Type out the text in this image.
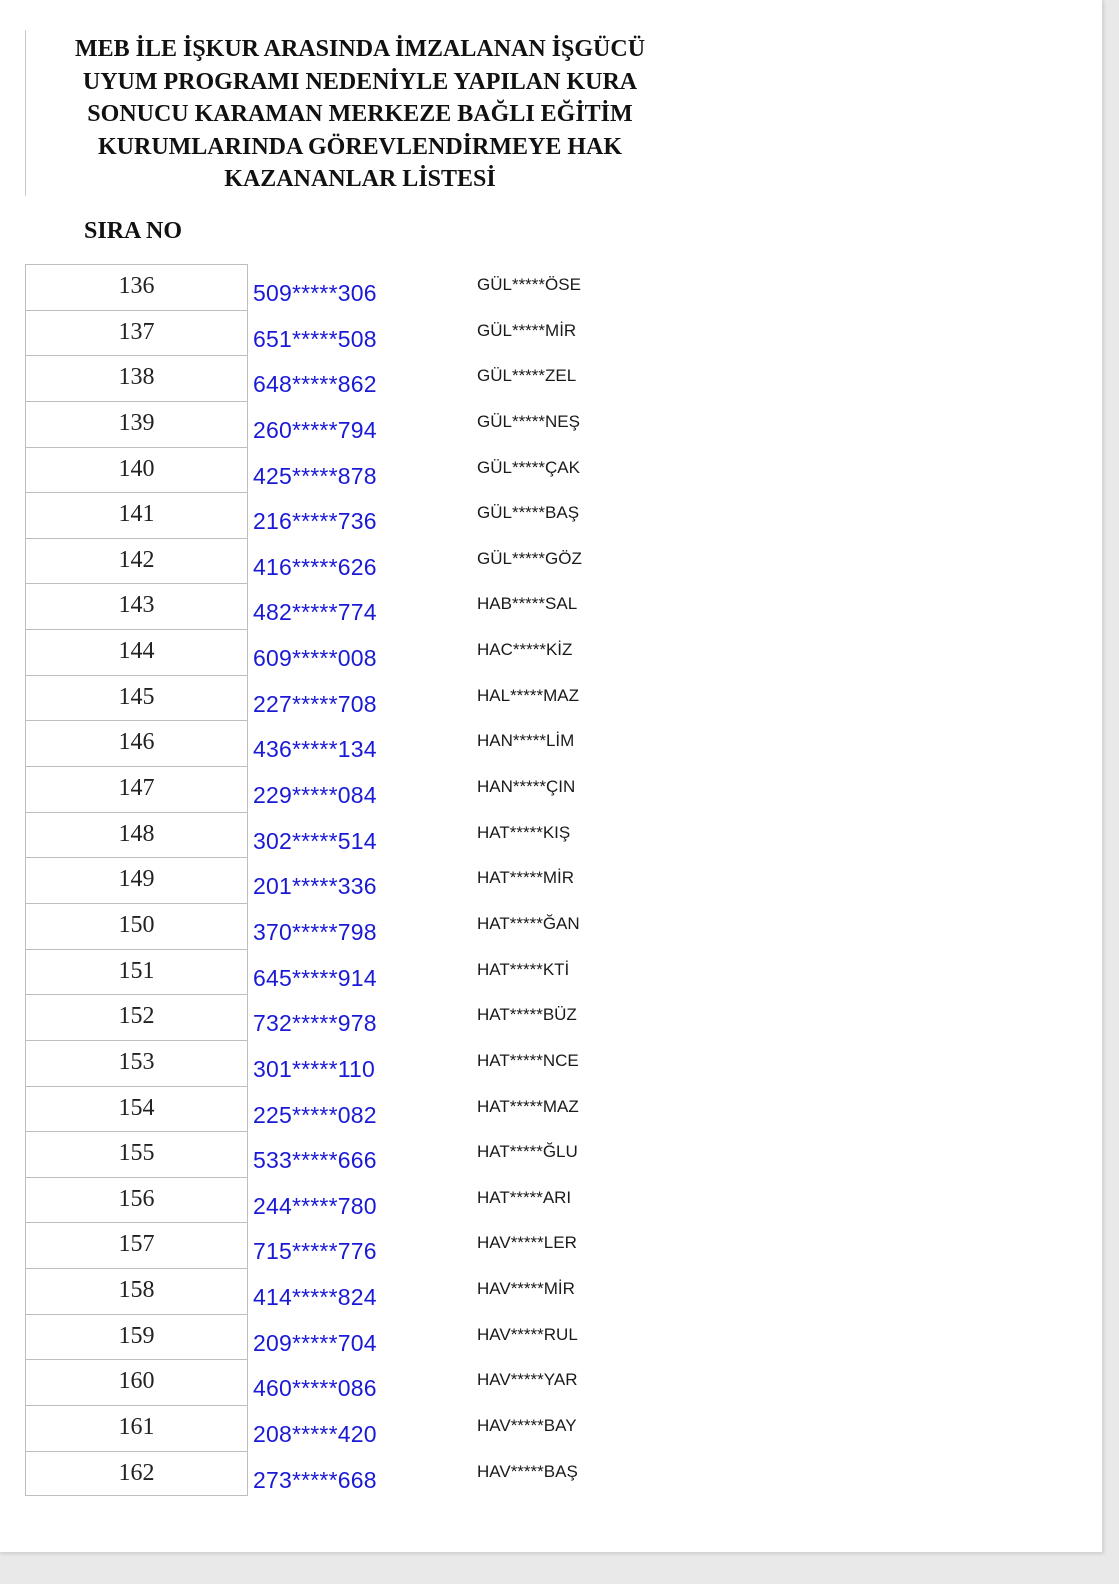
MEB İLE İŞKUR ARASINDA İMZALANAN İŞGÜCÜ
UYUM PROGRAMI NEDENİYLE YAPILAN KURA
SONUCU KARAMAN MERKEZE BAĞLI EĞİTİM
KURUMLARINDA GÖREVLENDİRMEYE HAK
KAZANANLAR LİSTESİ
SIRA NO
136	509*****306	GÜL*****ÖSE
137	651*****508	GÜL*****MİR
138	648*****862	GÜL*****ZEL
139	260*****794	GÜL*****NEŞ
140	425*****878	GÜL*****ÇAK
141	216*****736	GÜL*****BAŞ
142	416*****626	GÜL*****GÖZ
143	482*****774	HAB*****SAL
144	609*****008	HAC*****KİZ
145	227*****708	HAL*****MAZ
146	436*****134	HAN*****LİM
147	229*****084	HAN*****ÇIN
148	302*****514	HAT*****KIŞ
149	201*****336	HAT*****MİR
150	370*****798	HAT*****ĞAN
151	645*****914	HAT*****KTİ
152	732*****978	HAT*****BÜZ
153	301*****110	HAT*****NCE
154	225*****082	HAT*****MAZ
155	533*****666	HAT*****ĞLU
156	244*****780	HAT*****ARI
157	715*****776	HAV*****LER
158	414*****824	HAV*****MİR
159	209*****704	HAV*****RUL
160	460*****086	HAV*****YAR
161	208*****420	HAV*****BAY
162	273*****668	HAV*****BAŞ
